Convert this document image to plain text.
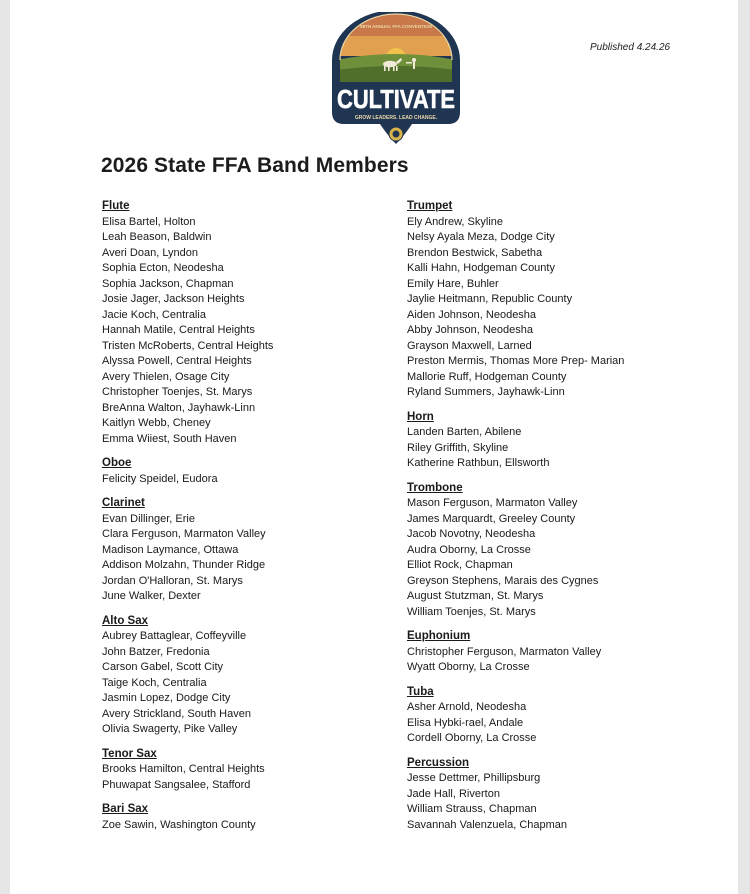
Published 4.24.26
98TH ANNUAL FFA CONVENTION
CULTIVATE
GROW LEADERS. LEAD CHANGE.
2026 State FFA Band Members
Flute
Elisa Bartel, Holton
Leah Beason, Baldwin
Averi Doan, Lyndon
Sophia Ecton, Neodesha
Sophia Jackson, Chapman
Josie Jager, Jackson Heights
Jacie Koch, Centralia
Hannah Matile, Central Heights
Tristen McRoberts, Central Heights
Alyssa Powell, Central Heights
Avery Thielen, Osage City
Christopher Toenjes, St. Marys
BreAnna Walton, Jayhawk-Linn
Kaitlyn Webb, Cheney
Emma Wiiest, South Haven
Oboe
Felicity Speidel, Eudora
Clarinet
Evan Dillinger, Erie
Clara Ferguson, Marmaton Valley
Madison Laymance, Ottawa
Addison Molzahn, Thunder Ridge
Jordan O'Halloran, St. Marys
June Walker, Dexter
Alto Sax
Aubrey Battaglear, Coffeyville
John Batzer, Fredonia
Carson Gabel, Scott City
Taige Koch, Centralia
Jasmin Lopez, Dodge City
Avery Strickland, South Haven
Olivia Swagerty, Pike Valley
Tenor Sax
Brooks Hamilton, Central Heights
Phuwapat Sangsalee, Stafford
Bari Sax
Zoe Sawin, Washington County
Trumpet
Ely Andrew, Skyline
Nelsy Ayala Meza, Dodge City
Brendon Bestwick, Sabetha
Kalli Hahn, Hodgeman County
Emily Hare, Buhler
Jaylie Heitmann, Republic County
Aiden Johnson, Neodesha
Abby Johnson, Neodesha
Grayson Maxwell, Larned
Preston Mermis, Thomas More Prep- Marian
Mallorie Ruff, Hodgeman County
Ryland Summers, Jayhawk-Linn
Horn
Landen Barten, Abilene
Riley Griffith, Skyline
Katherine Rathbun, Ellsworth
Trombone
Mason Ferguson, Marmaton Valley
James Marquardt, Greeley County
Jacob Novotny, Neodesha
Audra Oborny, La Crosse
Elliot Rock, Chapman
Greyson Stephens, Marais des Cygnes
August Stutzman, St. Marys
William Toenjes, St. Marys
Euphonium
Christopher Ferguson, Marmaton Valley
Wyatt Oborny, La Crosse
Tuba
Asher Arnold, Neodesha
Elisa Hybki-rael, Andale
Cordell Oborny, La Crosse
Percussion
Jesse Dettmer, Phillipsburg
Jade Hall, Riverton
William Strauss, Chapman
Savannah Valenzuela, Chapman
